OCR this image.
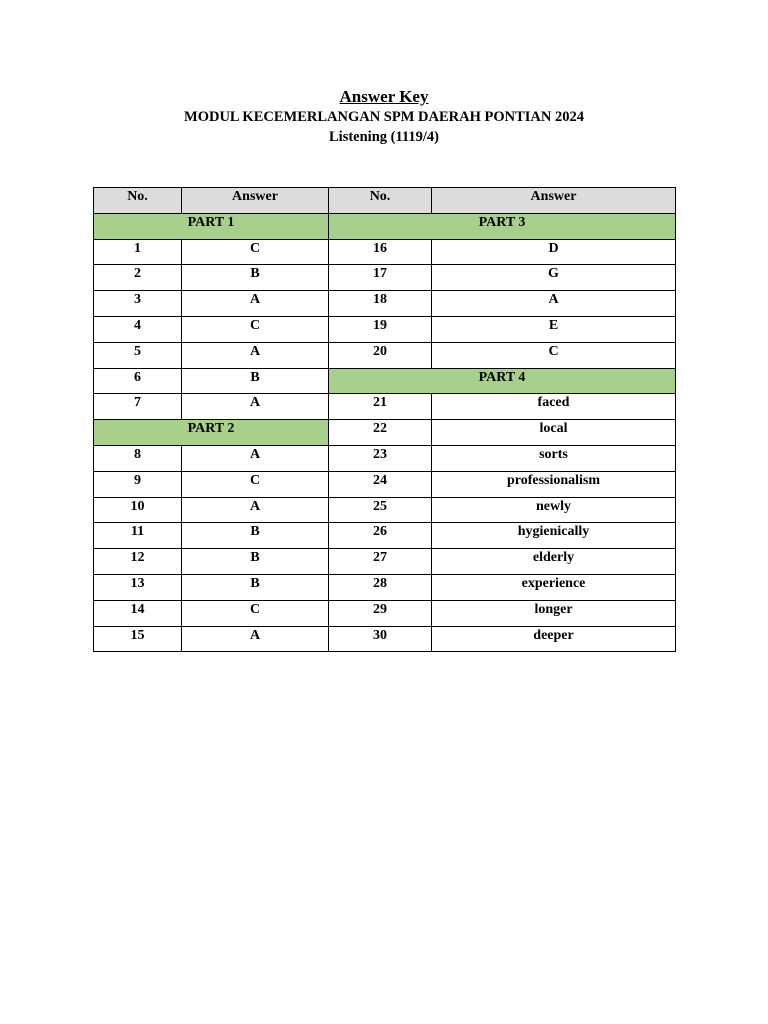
Answer Key
MODUL KECEMERLANGAN SPM DAERAH PONTIAN 2024
Listening (1119/4)
No.	Answer	No.	Answer
PART 1		PART 3	
1	C	16	D
2	B	17	G
3	A	18	A
4	C	19	E
5	A	20	C
6	B	PART 4	
7	A	21	faced
PART 2		22	local
8	A	23	sorts
9	C	24	professionalism
10	A	25	newly
11	B	26	hygienically
12	B	27	elderly
13	B	28	experience
14	C	29	longer
15	A	30	deeper
